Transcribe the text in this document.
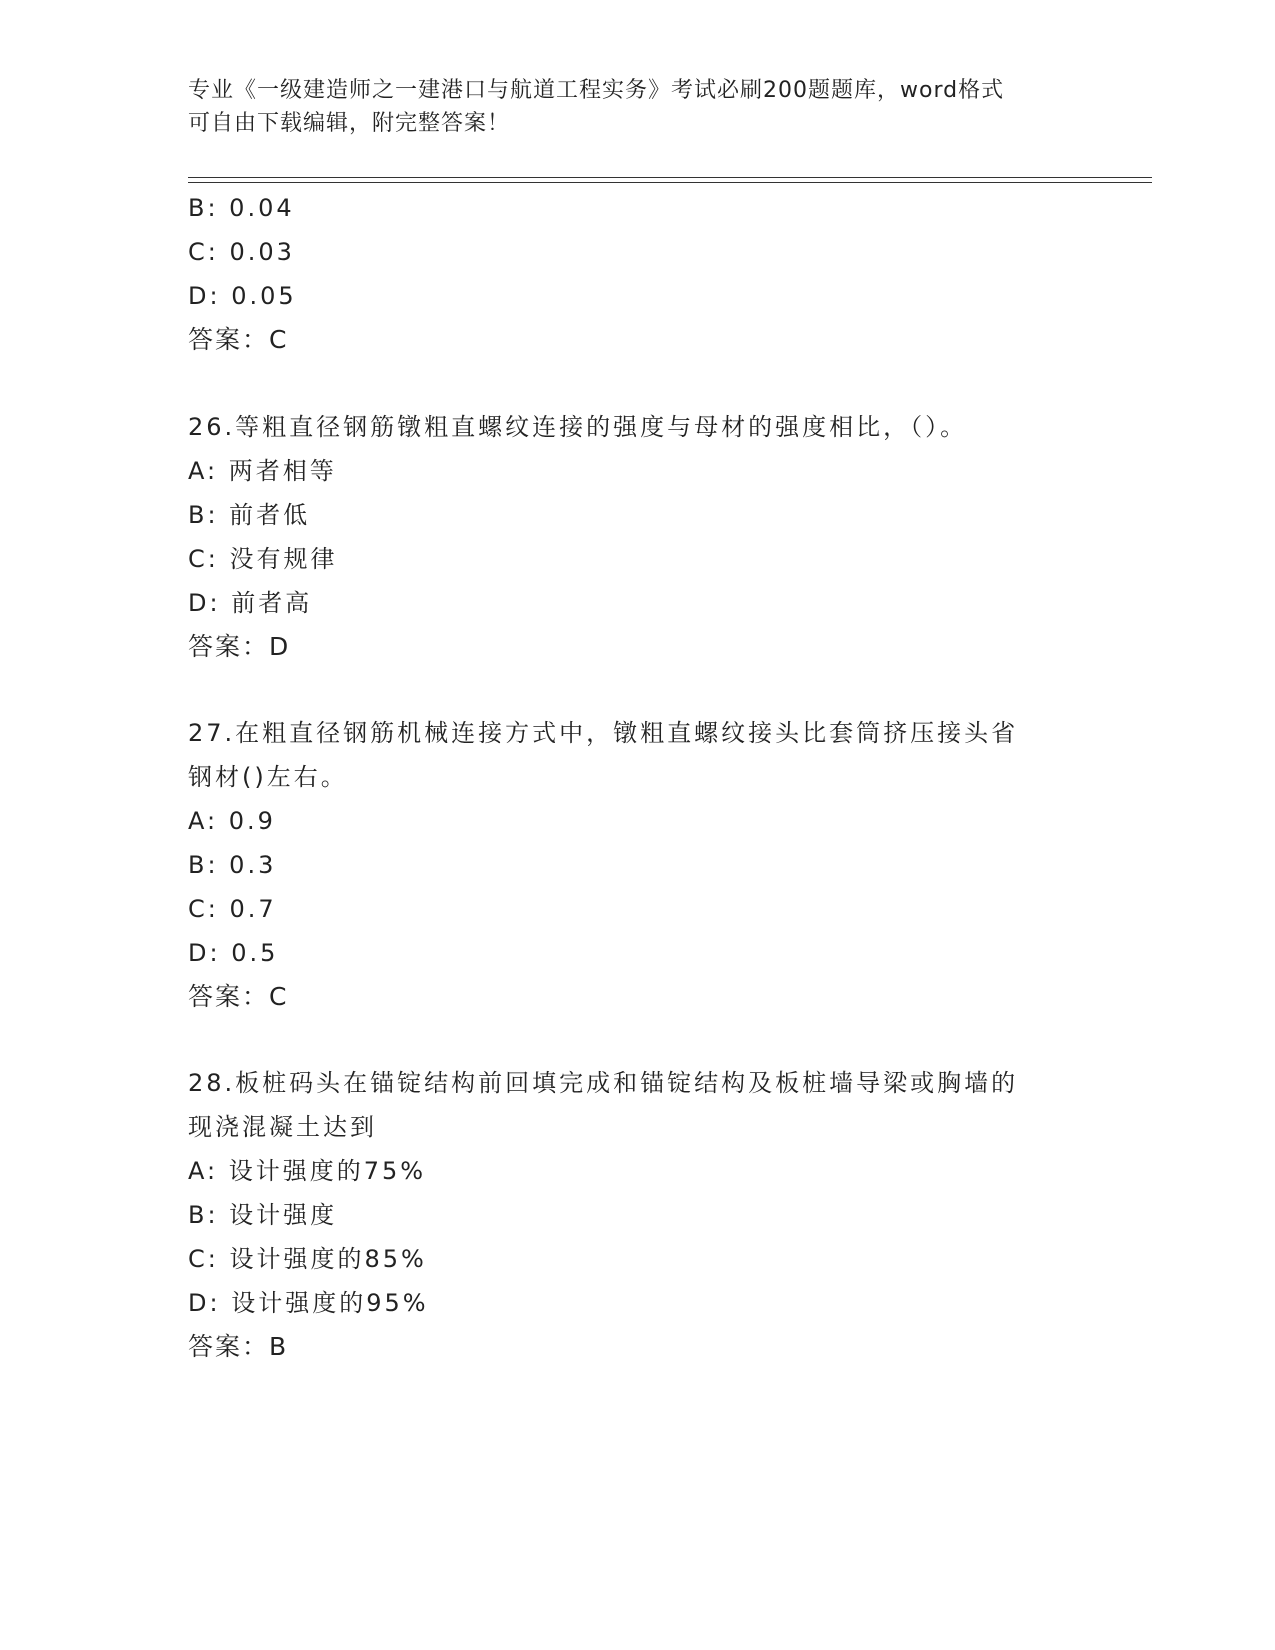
专业《一级建造师之一建港口与航道工程实务》考试必刷200题题库，word格式
可自由下载编辑，附完整答案！
B: 0.04
C: 0.03
D: 0.05
答案：C
26.等粗直径钢筋镦粗直螺纹连接的强度与母材的强度相比，（）。
A: 两者相等
B: 前者低
C: 没有规律
D: 前者高
答案：D
27.在粗直径钢筋机械连接方式中，镦粗直螺纹接头比套筒挤压接头省
钢材()左右。
A: 0.9
B: 0.3
C: 0.7
D: 0.5
答案：C
28.板桩码头在锚锭结构前回填完成和锚锭结构及板桩墙导梁或胸墙的
现浇混凝土达到
A: 设计强度的75%
B: 设计强度
C: 设计强度的85%
D: 设计强度的95%
答案：B
